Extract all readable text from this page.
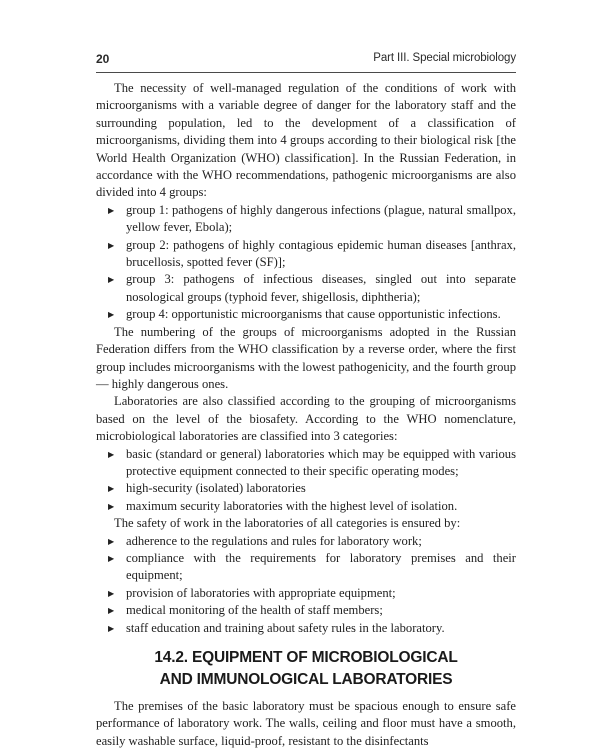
20	Part III. Special microbiology

The necessity of well-managed regulation of the conditions of work with microorganisms with a variable degree of danger for the laboratory staff and the surrounding population, led to the development of a classification of microorganisms, dividing them into 4 groups according to their biological risk [the World Health Organization (WHO) classification]. In the Russian Federation, in accordance with the WHO recommendations, pathogenic microorganisms are also divided into 4 groups:

▶ group 1: pathogens of highly dangerous infections (plague, natural smallpox, yellow fever, Ebola);
▶ group 2: pathogens of highly contagious epidemic human diseases [anthrax, brucellosis, spotted fever (SF)];
▶ group 3: pathogens of infectious diseases, singled out into separate nosological groups (typhoid fever, shigellosis, diphtheria);
▶ group 4: opportunistic microorganisms that cause opportunistic infections.

The numbering of the groups of microorganisms adopted in the Russian Federation differs from the WHO classification by a reverse order, where the first group includes microorganisms with the lowest pathogenicity, and the fourth group — highly dangerous ones.

Laboratories are also classified according to the grouping of microorganisms based on the level of the biosafety. According to the WHO nomenclature, microbiological laboratories are classified into 3 categories:

▶ basic (standard or general) laboratories which may be equipped with various protective equipment connected to their specific operating modes;
▶ high-security (isolated) laboratories
▶ maximum security laboratories with the highest level of isolation.

The safety of work in the laboratories of all categories is ensured by:

▶ adherence to the regulations and rules for laboratory work;
▶ compliance with the requirements for laboratory premises and their equipment;
▶ provision of laboratories with appropriate equipment;
▶ medical monitoring of the health of staff members;
▶ staff education and training about safety rules in the laboratory.
14.2. EQUIPMENT OF MICROBIOLOGICAL
AND IMMUNOLOGICAL LABORATORIES

The premises of the basic laboratory must be spacious enough to ensure safe performance of laboratory work. The walls, ceiling and floor must have a smooth, easily washable surface, liquid-proof, resistant to the disinfectants
